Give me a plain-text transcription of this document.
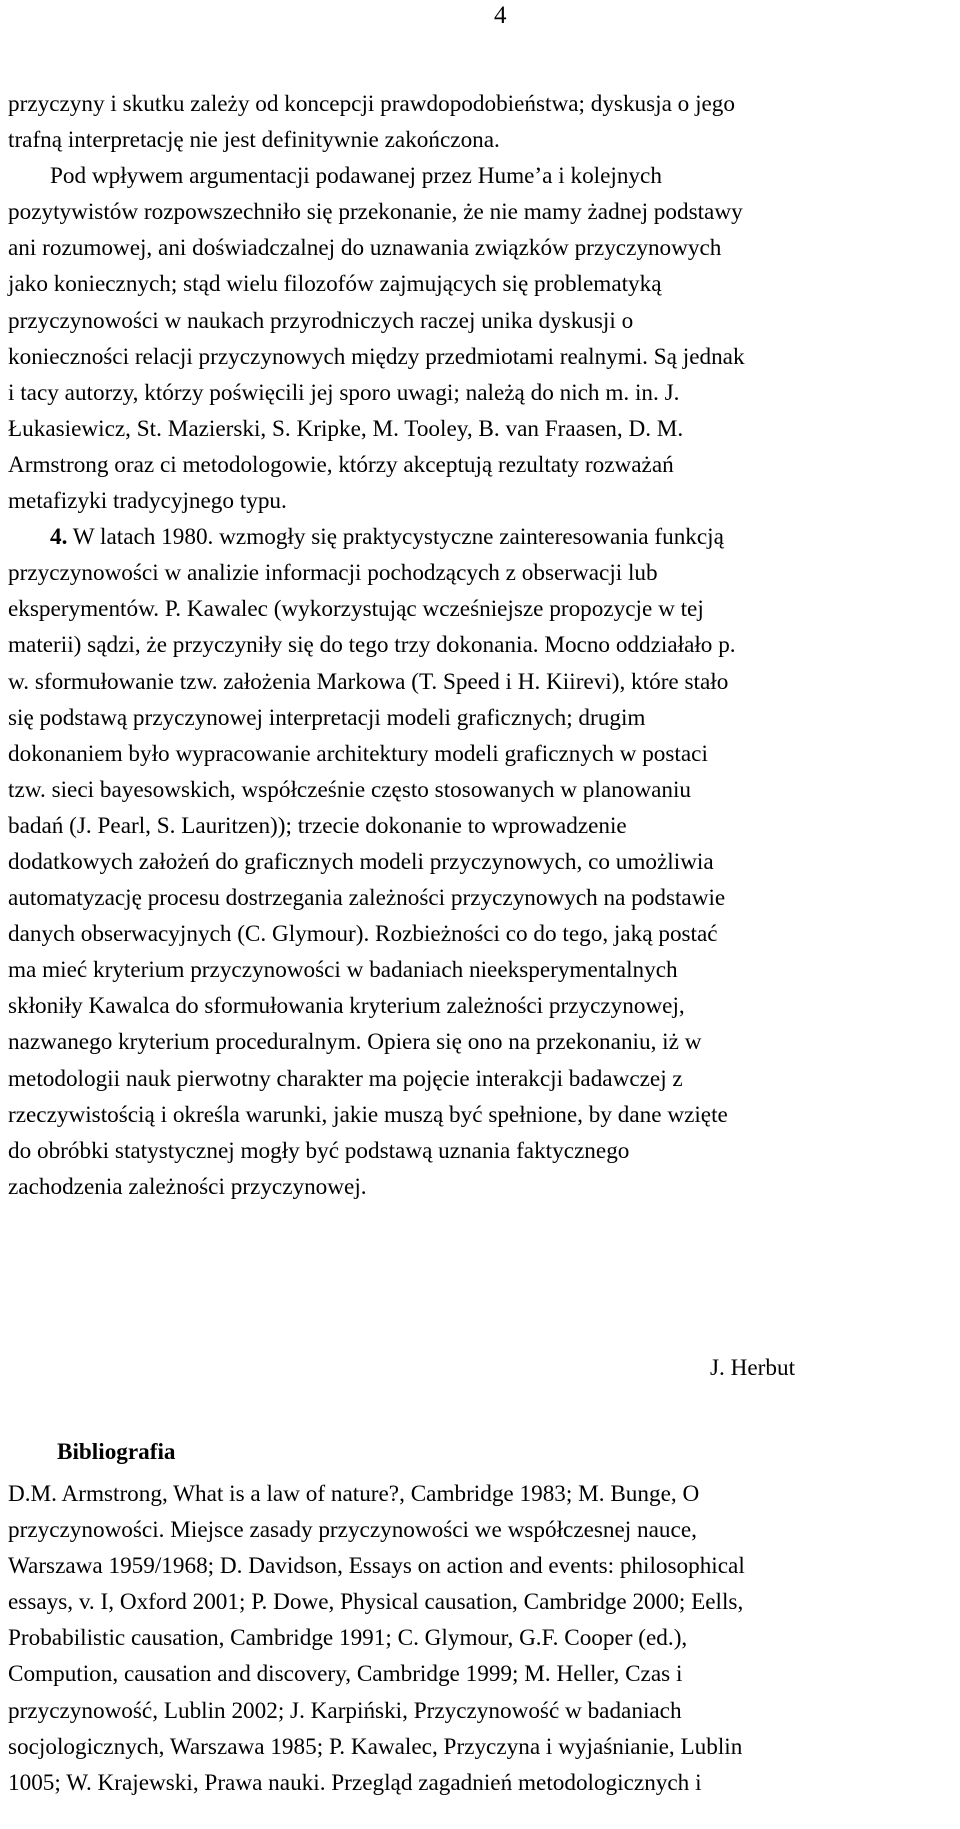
4
przyczyny i skutku zależy od koncepcji prawdopodobieństwa; dyskusja o jego
trafną interpretację nie jest definitywnie zakończona.
Pod wpływem argumentacji podawanej przez Hume’a i kolejnych
pozytywistów rozpowszechniło się przekonanie, że nie mamy żadnej podstawy
ani rozumowej, ani doświadczalnej do uznawania związków przyczynowych
jako koniecznych; stąd wielu filozofów zajmujących się problematyką
przyczynowości w naukach przyrodniczych raczej unika dyskusji o
konieczności relacji przyczynowych między przedmiotami realnymi. Są jednak
i tacy autorzy, którzy poświęcili jej sporo uwagi; należą do nich m. in. J.
Łukasiewicz, St. Mazierski, S. Kripke, M. Tooley, B. van Fraasen, D. M.
Armstrong oraz ci metodologowie, którzy akceptują rezultaty rozważań
metafizyki tradycyjnego typu.
4. W latach 1980. wzmogły się praktycystyczne zainteresowania funkcją
przyczynowości w analizie informacji pochodzących z obserwacji lub
eksperymentów. P. Kawalec (wykorzystując wcześniejsze propozycje w tej
materii) sądzi, że przyczyniły się do tego trzy dokonania. Mocno oddziałało p.
w. sformułowanie tzw. założenia Markowa (T. Speed i H. Kiirevi), które stało
się podstawą przyczynowej interpretacji modeli graficznych; drugim
dokonaniem było wypracowanie architektury modeli graficznych w postaci
tzw. sieci bayesowskich, współcześnie często stosowanych w planowaniu
badań (J. Pearl, S. Lauritzen)); trzecie dokonanie to wprowadzenie
dodatkowych założeń do graficznych modeli przyczynowych, co umożliwia
automatyzację procesu dostrzegania zależności przyczynowych na podstawie
danych obserwacyjnych (C. Glymour). Rozbieżności co do tego, jaką postać
ma mieć kryterium przyczynowości w badaniach nieeksperymentalnych
skłoniły Kawalca do sformułowania kryterium zależności przyczynowej,
nazwanego kryterium proceduralnym. Opiera się ono na przekonaniu, iż w
metodologii nauk pierwotny charakter ma pojęcie interakcji badawczej z
rzeczywistością i określa warunki, jakie muszą być spełnione, by dane wzięte
do obróbki statystycznej mogły być podstawą uznania faktycznego
zachodzenia zależności przyczynowej.
J. Herbut
Bibliografia
D.M. Armstrong, What is a law of nature?, Cambridge 1983; M. Bunge, O
przyczynowości. Miejsce zasady przyczynowości we współczesnej nauce,
Warszawa 1959/1968; D. Davidson, Essays on action and events: philosophical
essays, v. I, Oxford 2001; P. Dowe, Physical causation, Cambridge 2000; Eells,
Probabilistic causation, Cambridge 1991; C. Glymour, G.F. Cooper (ed.),
Compution, causation and discovery, Cambridge 1999; M. Heller, Czas i
przyczynowość, Lublin 2002; J. Karpiński, Przyczynowość w badaniach
socjologicznych, Warszawa 1985; P. Kawalec, Przyczyna i wyjaśnianie, Lublin
1005; W. Krajewski, Prawa nauki. Przegląd zagadnień metodologicznych i
